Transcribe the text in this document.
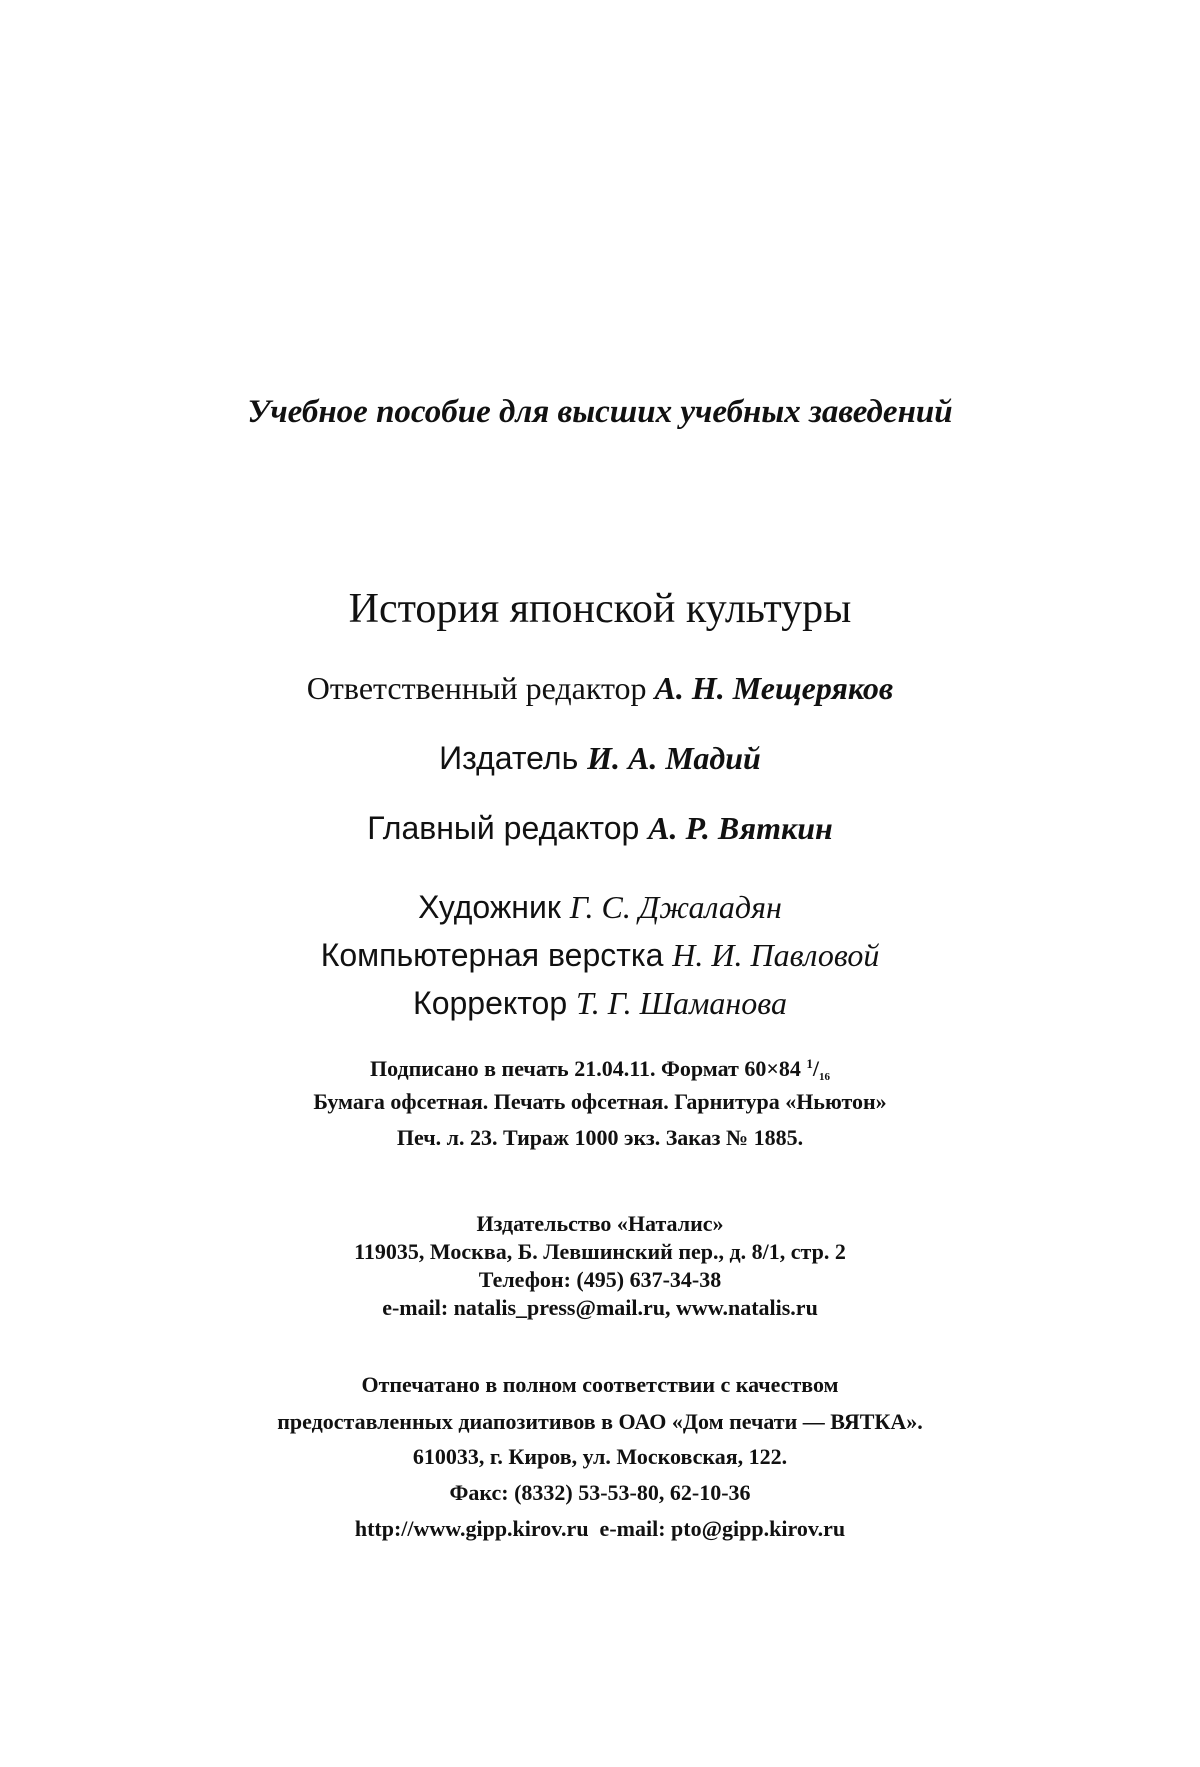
Учебное пособие для высших учебных заведений
История японской культуры
Ответственный редактор А. Н. Мещеряков
Издатель И. А. Мадий
Главный редактор А. Р. Вяткин
Художник Г. С. Джаладян
Компьютерная верстка Н. И. Павловой
Корректор Т. Г. Шаманова
Подписано в печать 21.04.11. Формат 60×84 $^1/_{16}$
Бумага офсетная. Печать офсетная. Гарнитура «Ньютон»
Печ. л. 23. Тираж 1000 экз. Заказ № 1885.
Издательство «Наталис»
119035, Москва, Б. Левшинский пер., д. 8/1, стр. 2
Телефон: (495) 637-34-38
e-mail: natalis_press@mail.ru, www.natalis.ru
Отпечатано в полном соответствии с качеством
предоставленных диапозитивов в ОАО «Дом печати — ВЯТКА».
610033, г. Киров, ул. Московская, 122.
Факс: (8332) 53-53-80, 62-10-36
http://www.gipp.kirov.ru  e-mail: pto@gipp.kirov.ru
